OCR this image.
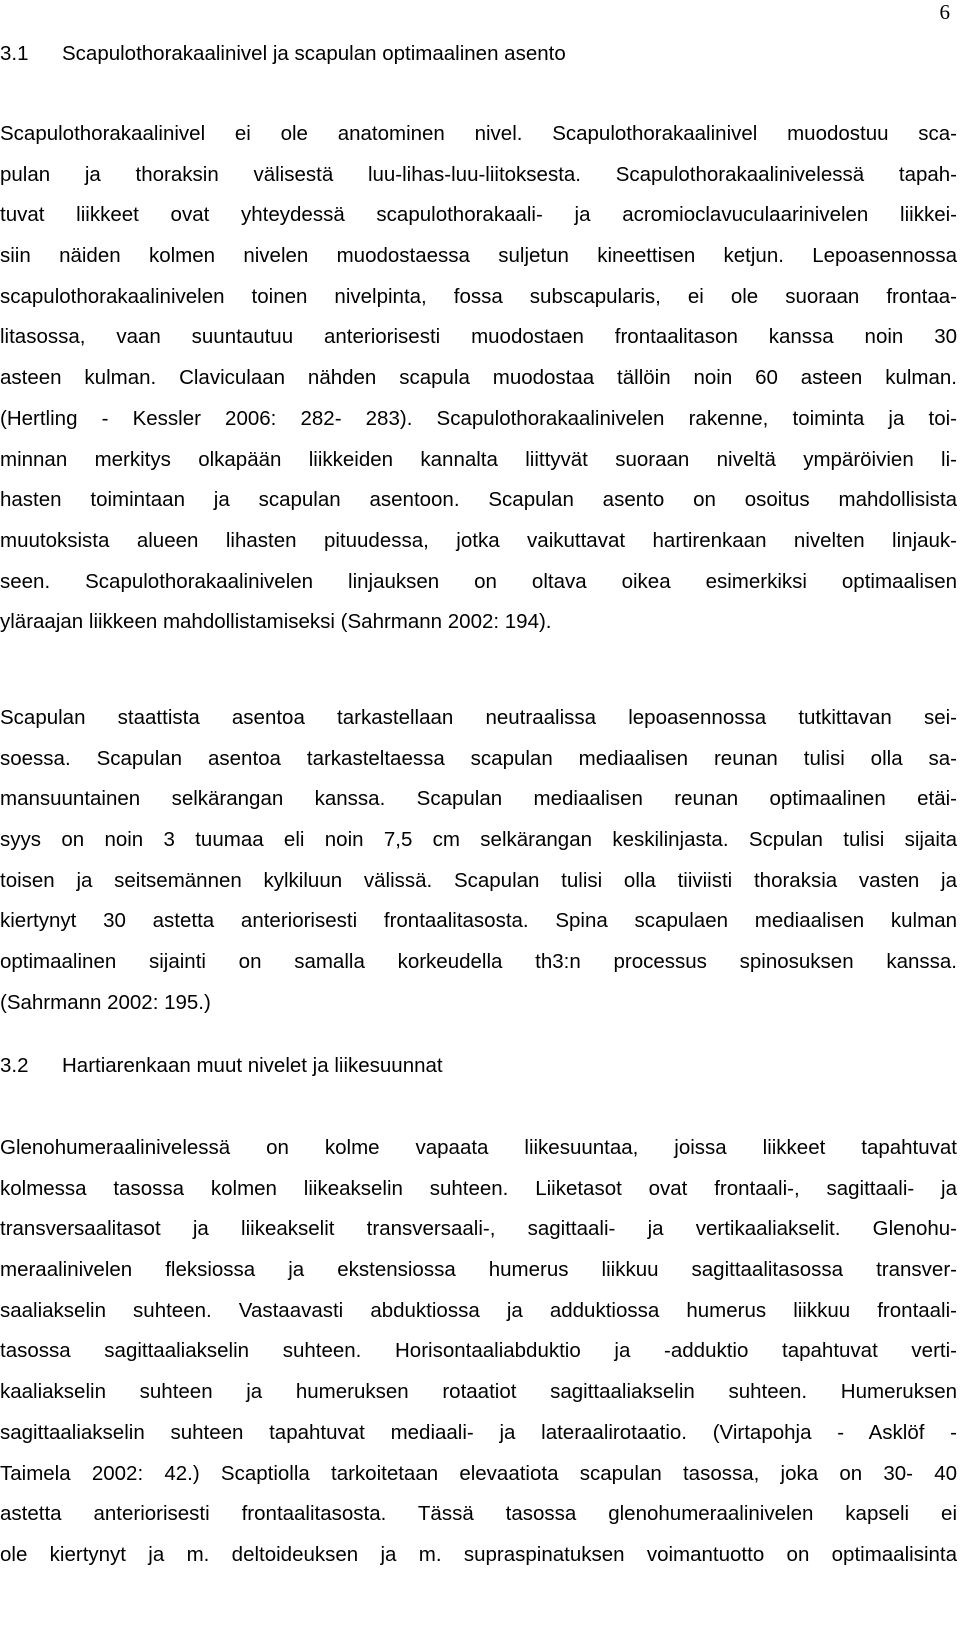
6
3.1 Scapulothorakaalinivel ja scapulan optimaalinen asento
Scapulothorakaalinivel ei ole anatominen nivel. Scapulothorakaalinivel muodostuu sca-
pulan ja thoraksin välisestä luu-lihas-luu-liitoksesta. Scapulothorakaalinivelessä tapah-
tuvat liikkeet ovat yhteydessä scapulothorakaali- ja acromioclavuculaarinivelen liikkei-
siin näiden kolmen nivelen muodostaessa suljetun kineettisen ketjun. Lepoasennossa
scapulothorakaalinivelen toinen nivelpinta, fossa subscapularis, ei ole suoraan frontaa-
litasossa, vaan suuntautuu anteriorisesti muodostaen frontaalitason kanssa noin 30
asteen kulman. Claviculaan nähden scapula muodostaa tällöin noin 60 asteen kulman.
(Hertling - Kessler 2006: 282- 283). Scapulothorakaalinivelen rakenne, toiminta ja toi-
minnan merkitys olkapään liikkeiden kannalta liittyvät suoraan niveltä ympäröivien li-
hasten toimintaan ja scapulan asentoon. Scapulan asento on osoitus mahdollisista
muutoksista alueen lihasten pituudessa, jotka vaikuttavat hartirenkaan nivelten linjauk-
seen. Scapulothorakaalinivelen linjauksen on oltava oikea esimerkiksi optimaalisen
yläraajan liikkeen mahdollistamiseksi (Sahrmann 2002: 194).
Scapulan staattista asentoa tarkastellaan neutraalissa lepoasennossa tutkittavan sei-
soessa. Scapulan asentoa tarkasteltaessa scapulan mediaalisen reunan tulisi olla sa-
mansuuntainen selkärangan kanssa. Scapulan mediaalisen reunan optimaalinen etäi-
syys on noin 3 tuumaa eli noin 7,5 cm selkärangan keskilinjasta. Scpulan tulisi sijaita
toisen ja seitsemännen kylkiluun välissä. Scapulan tulisi olla tiiviisti thoraksia vasten ja
kiertynyt 30 astetta anteriorisesti frontaalitasosta. Spina scapulaen mediaalisen kulman
optimaalinen sijainti on samalla korkeudella th3:n processus spinosuksen kanssa.
(Sahrmann 2002: 195.)
3.2 Hartiarenkaan muut nivelet ja liikesuunnat
Glenohumeraalinivelessä on kolme vapaata liikesuuntaa, joissa liikkeet tapahtuvat
kolmessa tasossa kolmen liikeakselin suhteen. Liiketasot ovat frontaali-, sagittaali- ja
transversaalitasot ja liikeakselit transversaali-, sagittaali- ja vertikaaliakselit. Glenohu-
meraalinivelen fleksiossa ja ekstensiossa humerus liikkuu sagittaalitasossa transver-
saaliakselin suhteen. Vastaavasti abduktiossa ja adduktiossa humerus liikkuu frontaali-
tasossa sagittaaliakselin suhteen. Horisontaaliabduktio ja -adduktio tapahtuvat verti-
kaaliakselin suhteen ja humeruksen rotaatiot sagittaaliakselin suhteen. Humeruksen
sagittaaliakselin suhteen tapahtuvat mediaali- ja lateraalirotaatio. (Virtapohja - Asklöf -
Taimela 2002: 42.) Scaptiolla tarkoitetaan elevaatiota scapulan tasossa, joka on 30- 40
astetta anteriorisesti frontaalitasosta. Tässä tasossa glenohumeraalinivelen kapseli ei
ole kiertynyt ja m. deltoideuksen ja m. supraspinatuksen voimantuotto on optimaalisinta
